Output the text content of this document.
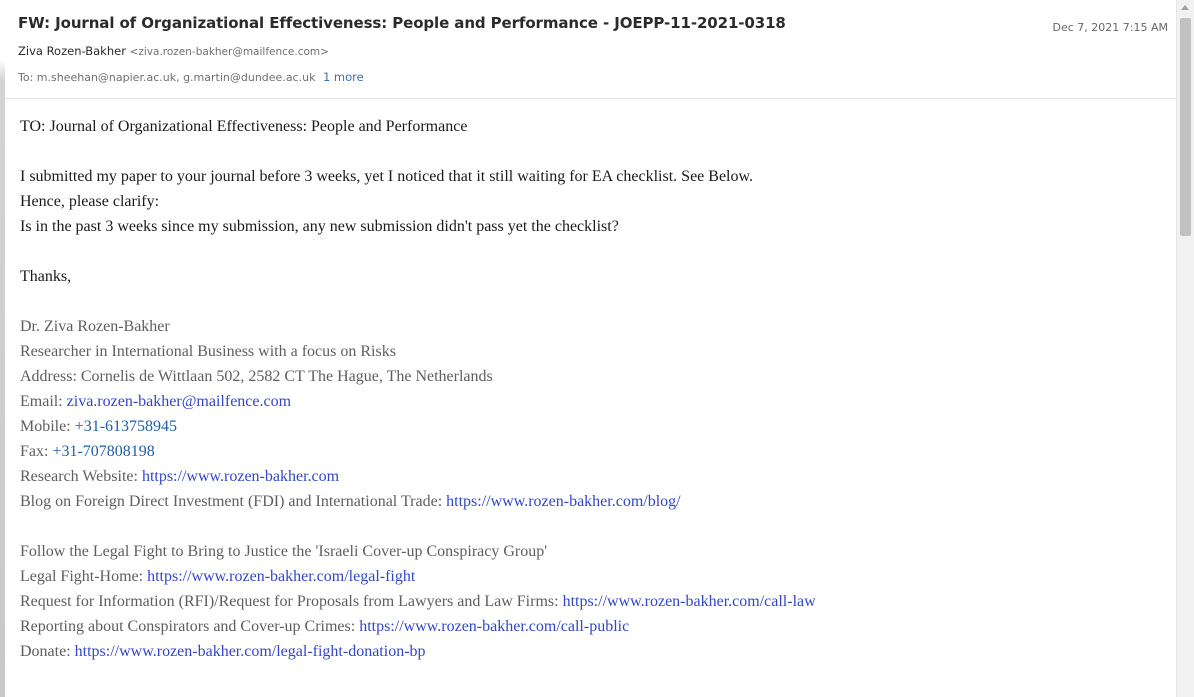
FW: Journal of Organizational Effectiveness: People and Performance - JOEPP-11-2021-0318	Dec 7, 2021 7:15 AM
Ziva Rozen-Bakher <ziva.rozen-bakher@mailfence.com>
To: m.sheehan@napier.ac.uk, g.martin@dundee.ac.uk 1 more
TO: Journal of Organizational Effectiveness: People and Performance
I submitted my paper to your journal before 3 weeks, yet I noticed that it still waiting for EA checklist. See Below.
Hence, please clarify:
Is in the past 3 weeks since my submission, any new submission didn't pass yet the checklist?
Thanks,
Dr. Ziva Rozen-Bakher
Researcher in International Business with a focus on Risks
Address: Cornelis de Wittlaan 502, 2582 CT The Hague, The Netherlands
Email: ziva.rozen-bakher@mailfence.com
Mobile: +31-613758945
Fax: +31-707808198
Research Website: https://www.rozen-bakher.com
Blog on Foreign Direct Investment (FDI) and International Trade: https://www.rozen-bakher.com/blog/
Follow the Legal Fight to Bring to Justice the 'Israeli Cover-up Conspiracy Group'
Legal Fight-Home: https://www.rozen-bakher.com/legal-fight
Request for Information (RFI)/Request for Proposals from Lawyers and Law Firms: https://www.rozen-bakher.com/call-law
Reporting about Conspirators and Cover-up Crimes: https://www.rozen-bakher.com/call-public
Donate: https://www.rozen-bakher.com/legal-fight-donation-bp
